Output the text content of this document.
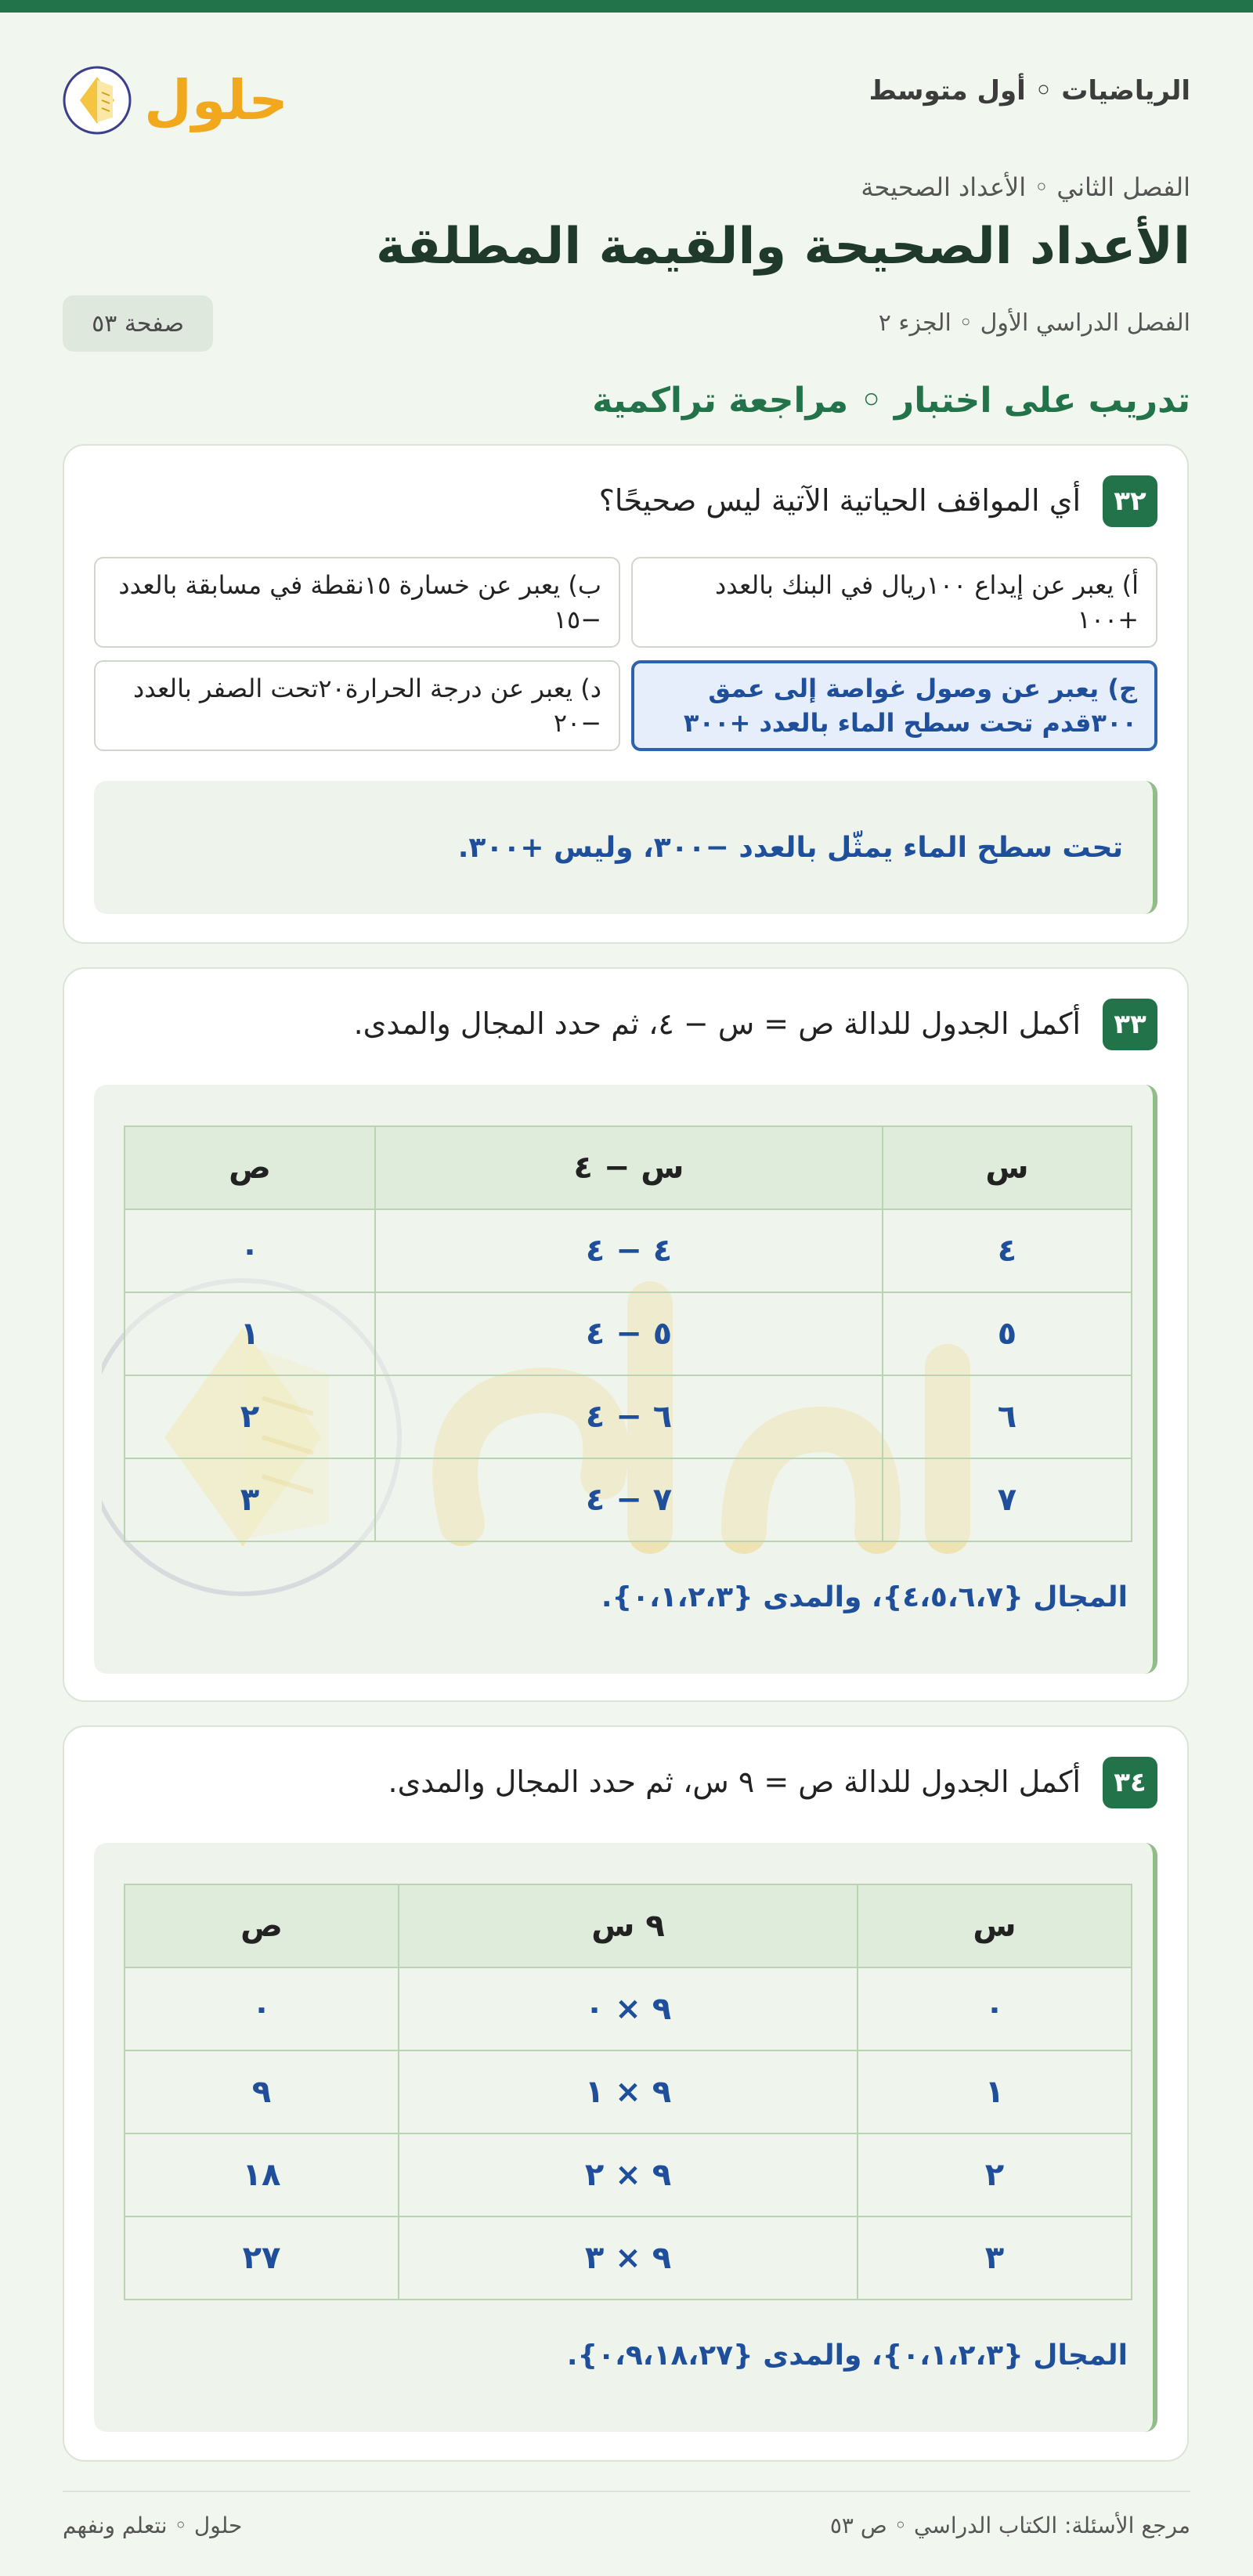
الرياضيات ◦ أول متوسط
حلول
الفصل الثاني ◦ الأعداد الصحيحة
الأعداد الصحيحة والقيمة المطلقة
الفصل الدراسي الأول ◦ الجزء ٢
صفحة ٥٣
تدريب على اختبار ◦ مراجعة تراكمية
٣٢
أي المواقف الحياتية الآتية ليس صحيحًا؟
أ) يعبر عن إيداع ١٠٠ريال في البنك بالعدد +١٠٠
ب) يعبر عن خسارة ١٥نقطة في مسابقة بالعدد −١٥
ج) يعبر عن وصول غواصة إلى عمق ٣٠٠قدم تحت سطح الماء بالعدد +٣٠٠
د) يعبر عن درجة الحرارة٢٠تحت الصفر بالعدد −٢٠
تحت سطح الماء يمثّل بالعدد −٣٠٠، وليس +٣٠٠.
٣٣
أكمل الجدول للدالة ص = س − ٤، ثم حدد المجال والمدى.
س	س − ٤	ص
٤	٤ − ٤	٠
٥	٥ − ٤	١
٦	٦ − ٤	٢
٧	٧ − ٤	٣
المجال {٤،٥،٦،٧}، والمدى {٠،١،٢،٣}.
٣٤
أكمل الجدول للدالة ص = ٩ س، ثم حدد المجال والمدى.
س	٩ س	ص
٠	٩ × ٠	٠
١	٩ × ١	٩
٢	٩ × ٢	١٨
٣	٩ × ٣	٢٧
المجال {٠،١،٢،٣}، والمدى {٠،٩،١٨،٢٧}.
مرجع الأسئلة: الكتاب الدراسي ◦ ص ٥٣
حلول ◦ نتعلم ونفهم
